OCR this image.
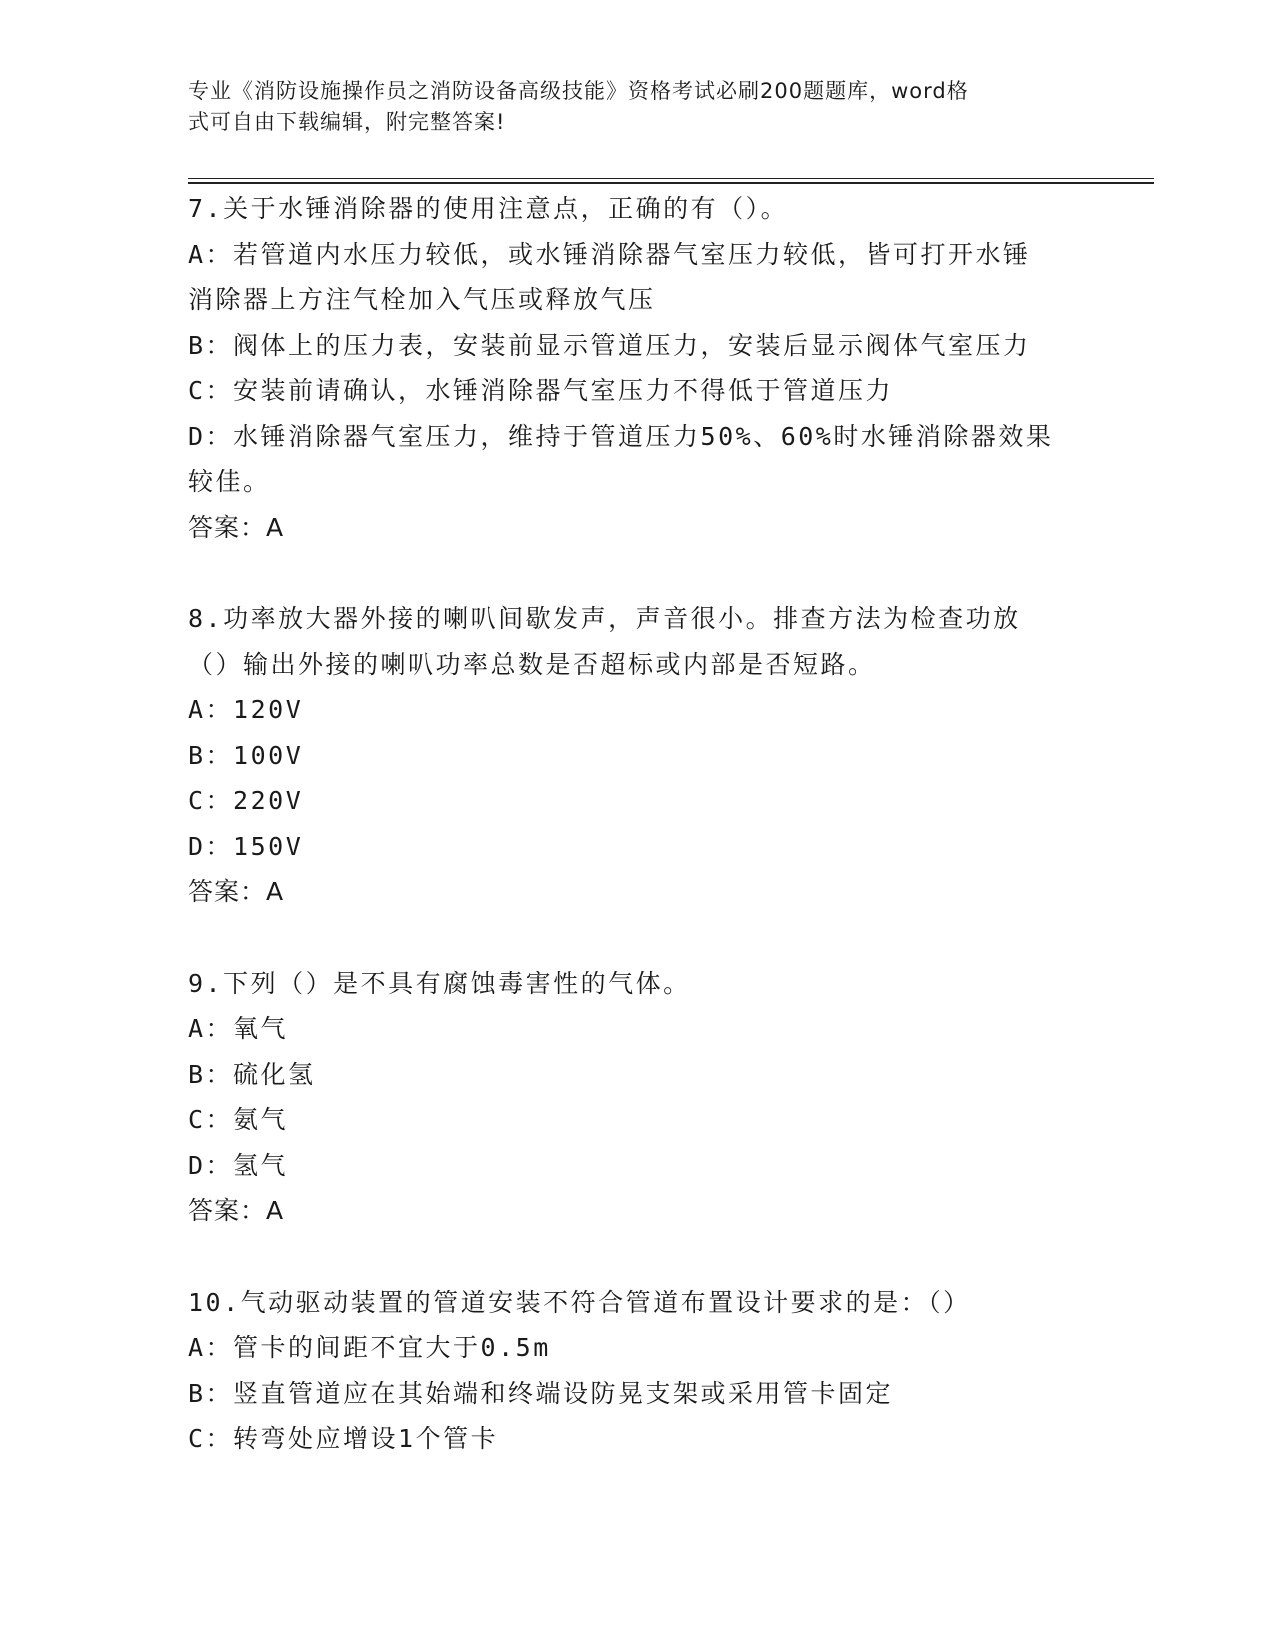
专业《消防设施操作员之消防设备高级技能》资格考试必刷200题题库，word格
式可自由下载编辑，附完整答案!
7.关于水锤消除器的使用注意点，正确的有（）。
A：若管道内水压力较低，或水锤消除器气室压力较低，皆可打开水锤
消除器上方注气栓加入气压或释放气压
B：阀体上的压力表，安装前显示管道压力，安装后显示阀体气室压力
C：安装前请确认，水锤消除器气室压力不得低于管道压力
D：水锤消除器气室压力，维持于管道压力50%、60%时水锤消除器效果
较佳。
答案：A
8.功率放大器外接的喇叭间歇发声，声音很小。排查方法为检查功放
（）输出外接的喇叭功率总数是否超标或内部是否短路。
A：120V
B：100V
C：220V
D：150V
答案：A
9.下列（）是不具有腐蚀毒害性的气体。
A：氧气
B：硫化氢
C：氨气
D：氢气
答案：A
10.气动驱动装置的管道安装不符合管道布置设计要求的是：（）
A：管卡的间距不宜大于0.5m
B：竖直管道应在其始端和终端设防晃支架或采用管卡固定
C：转弯处应增设1个管卡
